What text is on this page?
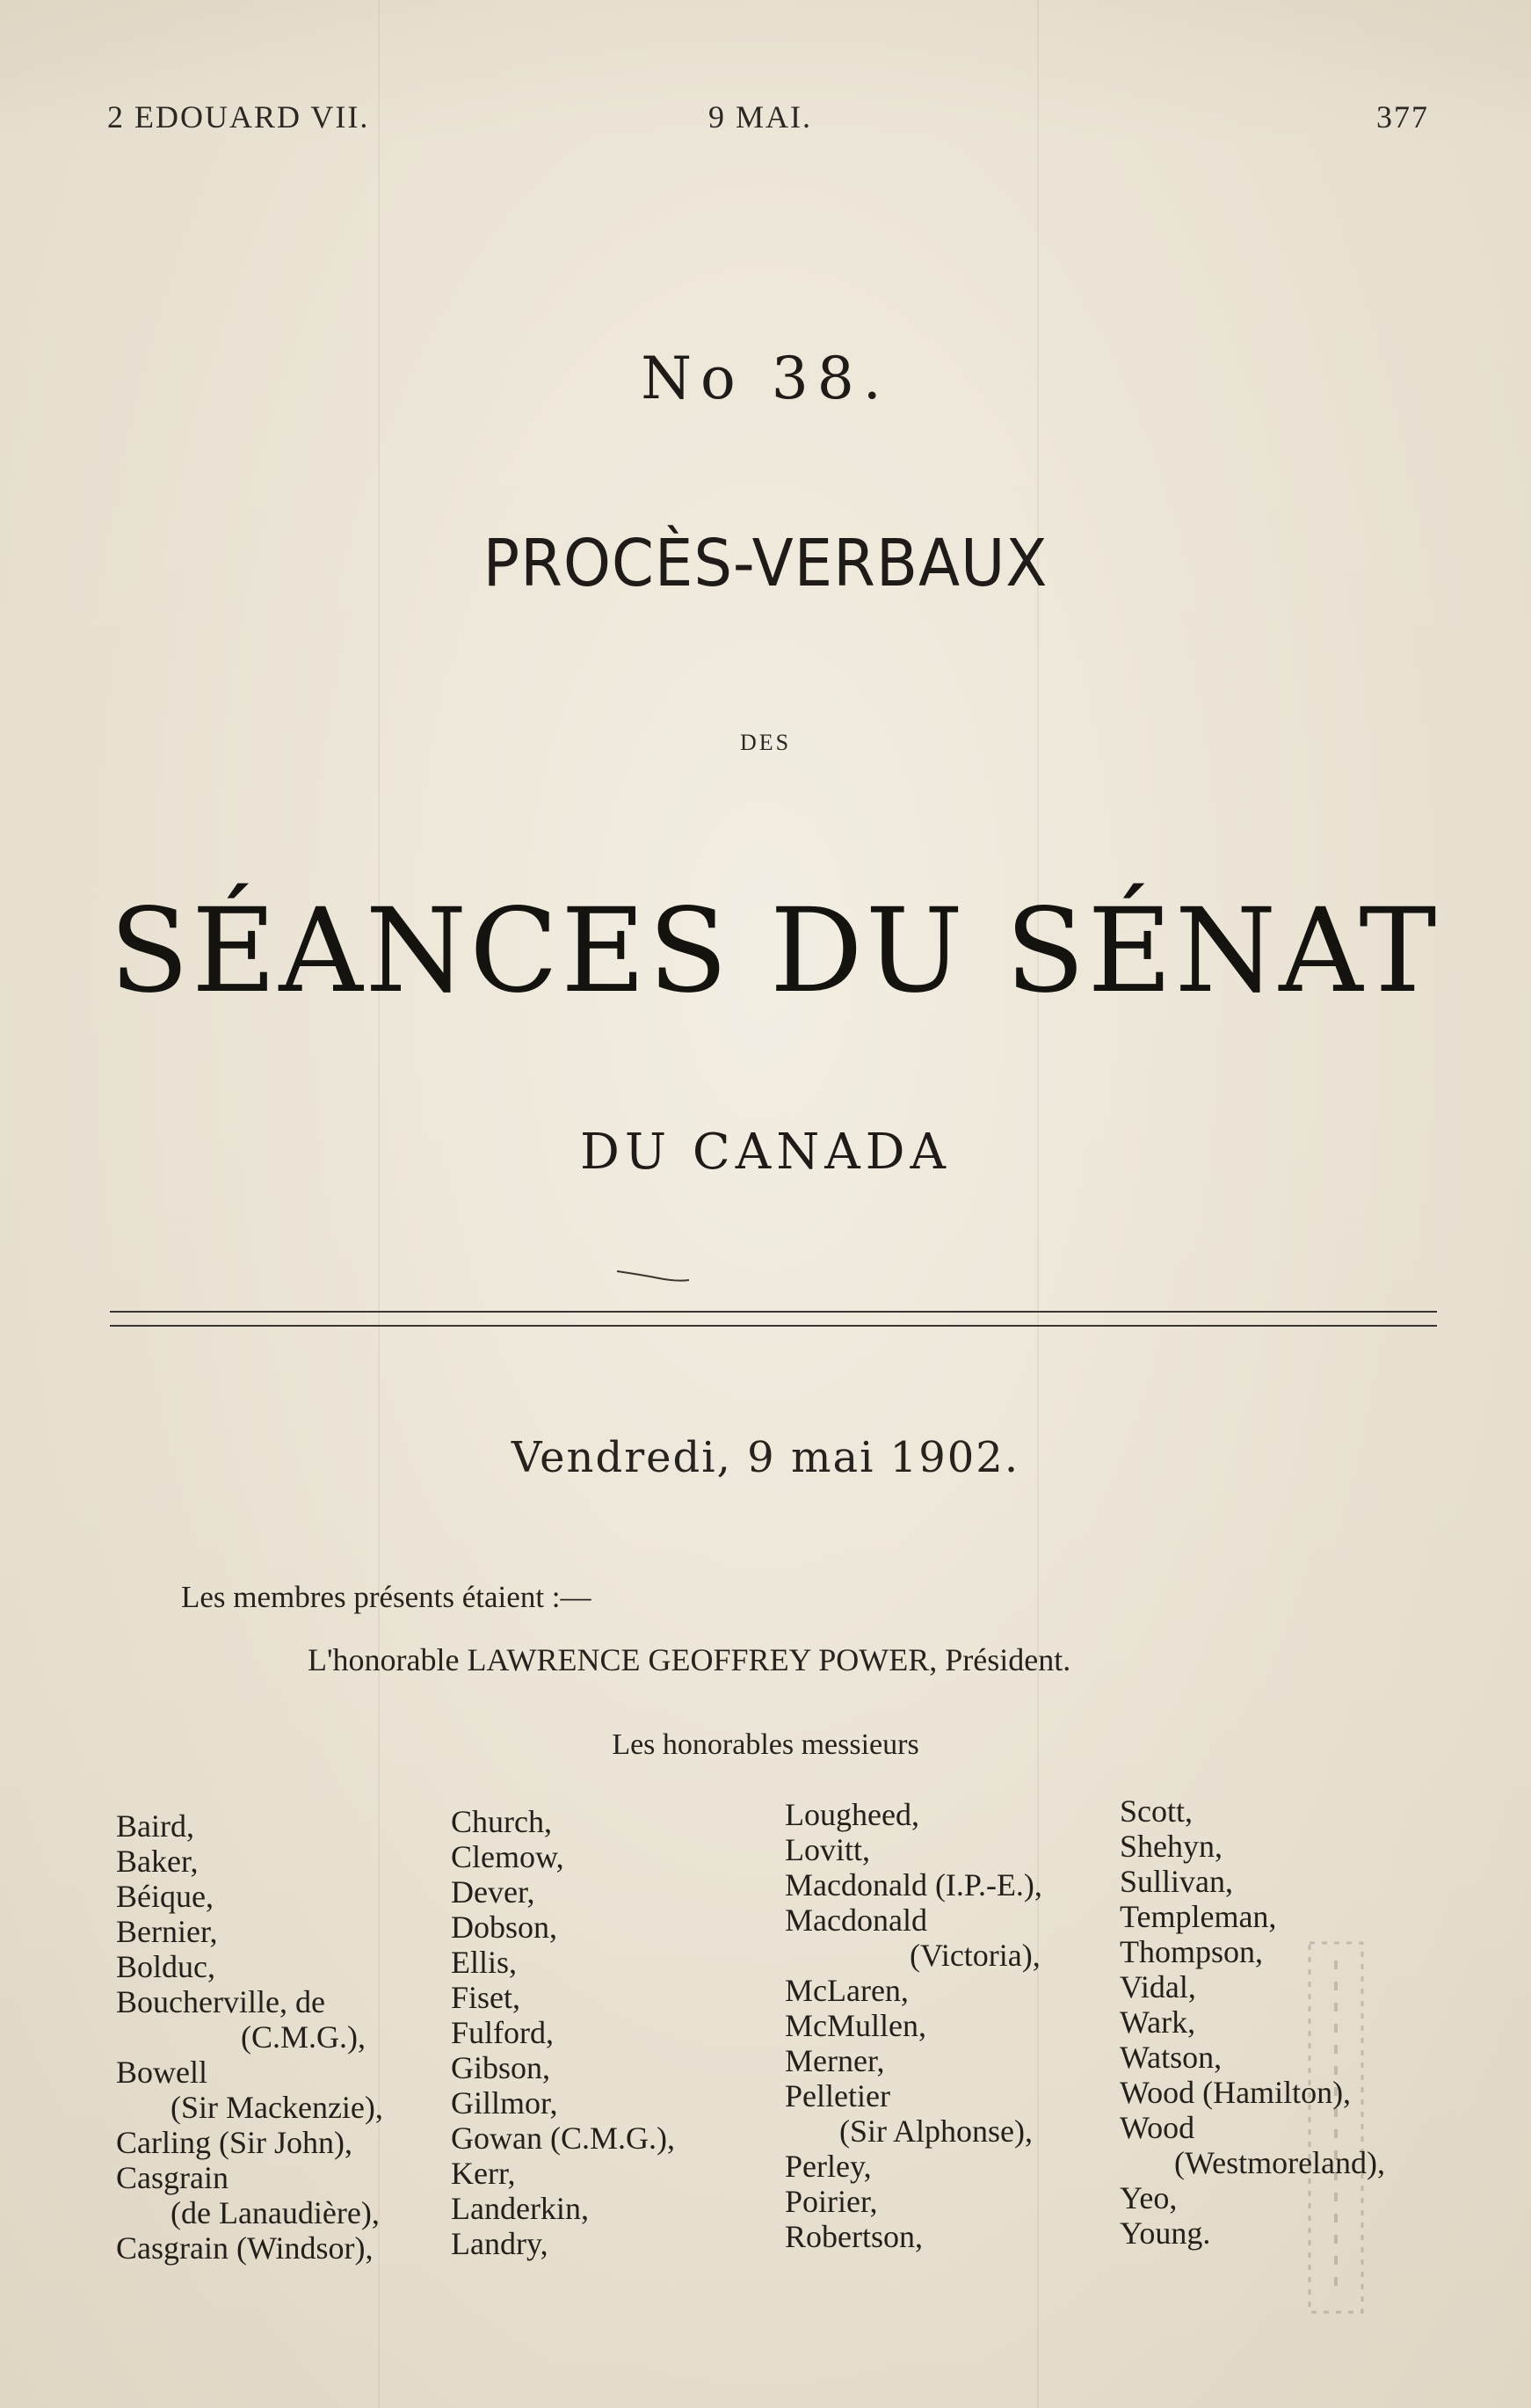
2 EDOUARD VII.	9 MAI.	377
No 38.
PROCÈS-VERBAUX
DES
SÉANCES DU SÉNAT
DU CANADA
Vendredi, 9 mai 1902.
Les membres présents étaient :—
L'honorable LAWRENCE GEOFFREY POWER, Président.
Les honorables messieurs
Baird,
Baker,
Béique,
Bernier,
Bolduc,
Boucherville, de
(C.M.G.),
Bowell
(Sir Mackenzie),
Carling (Sir John),
Casgrain
(de Lanaudière),
Casgrain (Windsor),
Church,
Clemow,
Dever,
Dobson,
Ellis,
Fiset,
Fulford,
Gibson,
Gillmor,
Gowan (C.M.G.),
Kerr,
Landerkin,
Landry,
Lougheed,
Lovitt,
Macdonald (I.P.-E.),
Macdonald
(Victoria),
McLaren,
McMullen,
Merner,
Pelletier
(Sir Alphonse),
Perley,
Poirier,
Robertson,
Scott,
Shehyn,
Sullivan,
Templeman,
Thompson,
Vidal,
Wark,
Watson,
Wood (Hamilton),
Wood
(Westmoreland),
Yeo,
Young.
